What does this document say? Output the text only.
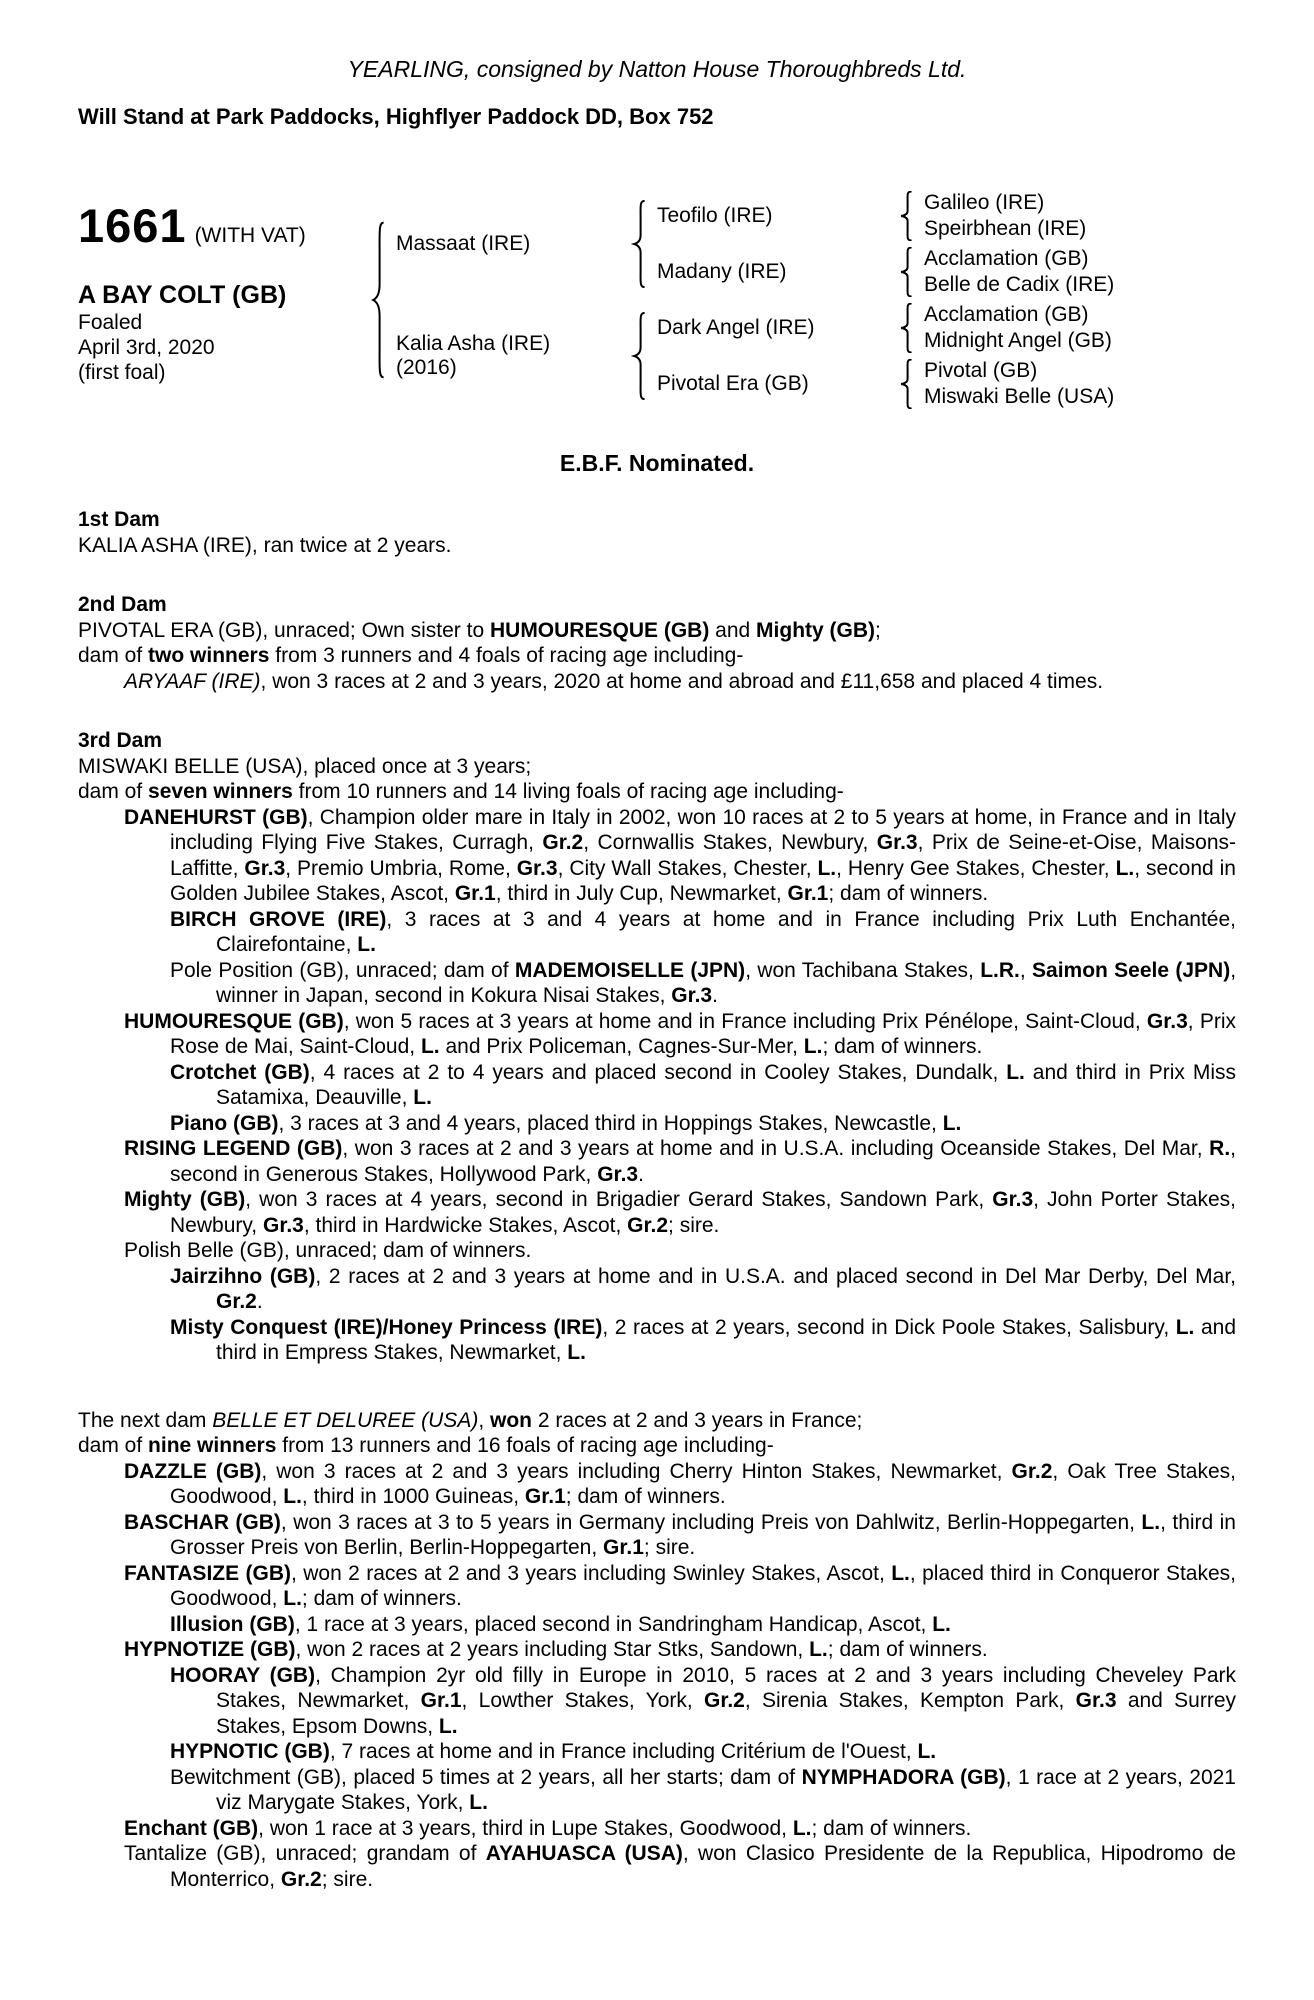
YEARLING, consigned by Natton House Thoroughbreds Ltd.

Will Stand at Park Paddocks, Highflyer Paddock DD, Box 752

1661 (WITH VAT)
A BAY COLT (GB)
Foaled
April 3rd, 2020
(first foal)
Massaat (IRE)
Kalia Asha (IRE)
(2016)
Teofilo (IRE)
Madany (IRE)
Dark Angel (IRE)
Pivotal Era (GB)
Galileo (IRE)
Speirbhean (IRE)
Acclamation (GB)
Belle de Cadix (IRE)
Acclamation (GB)
Midnight Angel (GB)
Pivotal (GB)
Miswaki Belle (USA)

E.B.F. Nominated.

1st Dam

KALIA ASHA (IRE), ran twice at 2 years.

2nd Dam

PIVOTAL ERA (GB), unraced; Own sister to HUMOURESQUE (GB) and Mighty (GB);

dam of two winners from 3 runners and 4 foals of racing age including-

ARYAAF (IRE), won 3 races at 2 and 3 years, 2020 at home and abroad and £11,658 and placed 4 times.

3rd Dam

MISWAKI BELLE (USA), placed once at 3 years;

dam of seven winners from 10 runners and 14 living foals of racing age including-

DANEHURST (GB), Champion older mare in Italy in 2002, won 10 races at 2 to 5 years at home, in France and in Italy including Flying Five Stakes, Curragh, Gr.2, Cornwallis Stakes, Newbury, Gr.3, Prix de Seine-et-Oise, Maisons-Laffitte, Gr.3, Premio Umbria, Rome, Gr.3, City Wall Stakes, Chester, L., Henry Gee Stakes, Chester, L., second in Golden Jubilee Stakes, Ascot, Gr.1, third in July Cup, Newmarket, Gr.1; dam of winners.

BIRCH GROVE (IRE), 3 races at 3 and 4 years at home and in France including Prix Luth Enchantée, Clairefontaine, L.

Pole Position (GB), unraced; dam of MADEMOISELLE (JPN), won Tachibana Stakes, L.R., Saimon Seele (JPN), winner in Japan, second in Kokura Nisai Stakes, Gr.3.

HUMOURESQUE (GB), won 5 races at 3 years at home and in France including Prix Pénélope, Saint-Cloud, Gr.3, Prix Rose de Mai, Saint-Cloud, L. and Prix Policeman, Cagnes-Sur-Mer, L.; dam of winners.

Crotchet (GB), 4 races at 2 to 4 years and placed second in Cooley Stakes, Dundalk, L. and third in Prix Miss Satamixa, Deauville, L.

Piano (GB), 3 races at 3 and 4 years, placed third in Hoppings Stakes, Newcastle, L.

RISING LEGEND (GB), won 3 races at 2 and 3 years at home and in U.S.A. including Oceanside Stakes, Del Mar, R., second in Generous Stakes, Hollywood Park, Gr.3.

Mighty (GB), won 3 races at 4 years, second in Brigadier Gerard Stakes, Sandown Park, Gr.3, John Porter Stakes, Newbury, Gr.3, third in Hardwicke Stakes, Ascot, Gr.2; sire.

Polish Belle (GB), unraced; dam of winners.

Jairzihno (GB), 2 races at 2 and 3 years at home and in U.S.A. and placed second in Del Mar Derby, Del Mar, Gr.2.

Misty Conquest (IRE)/Honey Princess (IRE), 2 races at 2 years, second in Dick Poole Stakes, Salisbury, L. and third in Empress Stakes, Newmarket, L.

The next dam BELLE ET DELUREE (USA), won 2 races at 2 and 3 years in France;

dam of nine winners from 13 runners and 16 foals of racing age including-

DAZZLE (GB), won 3 races at 2 and 3 years including Cherry Hinton Stakes, Newmarket, Gr.2, Oak Tree Stakes, Goodwood, L., third in 1000 Guineas, Gr.1; dam of winners.

BASCHAR (GB), won 3 races at 3 to 5 years in Germany including Preis von Dahlwitz, Berlin-Hoppegarten, L., third in Grosser Preis von Berlin, Berlin-Hoppegarten, Gr.1; sire.

FANTASIZE (GB), won 2 races at 2 and 3 years including Swinley Stakes, Ascot, L., placed third in Conqueror Stakes, Goodwood, L.; dam of winners.

Illusion (GB), 1 race at 3 years, placed second in Sandringham Handicap, Ascot, L.

HYPNOTIZE (GB), won 2 races at 2 years including Star Stks, Sandown, L.; dam of winners.

HOORAY (GB), Champion 2yr old filly in Europe in 2010, 5 races at 2 and 3 years including Cheveley Park Stakes, Newmarket, Gr.1, Lowther Stakes, York, Gr.2, Sirenia Stakes, Kempton Park, Gr.3 and Surrey Stakes, Epsom Downs, L.

HYPNOTIC (GB), 7 races at home and in France including Critérium de l'Ouest, L.

Bewitchment (GB), placed 5 times at 2 years, all her starts; dam of NYMPHADORA (GB), 1 race at 2 years, 2021 viz Marygate Stakes, York, L.

Enchant (GB), won 1 race at 3 years, third in Lupe Stakes, Goodwood, L.; dam of winners.

Tantalize (GB), unraced; grandam of AYAHUASCA (USA), won Clasico Presidente de la Republica, Hipodromo de Monterrico, Gr.2; sire.
